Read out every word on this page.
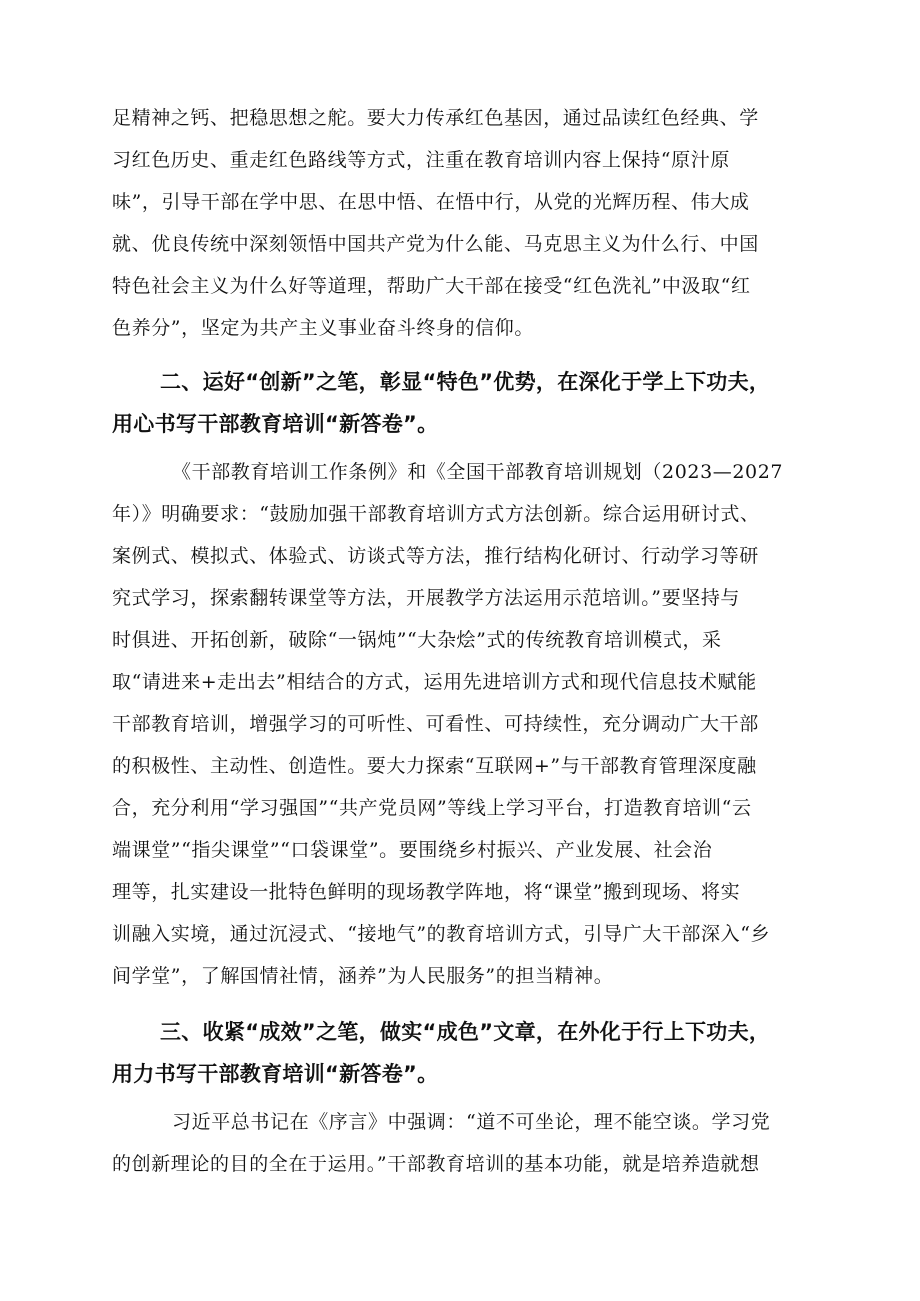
足精神之钙、把稳思想之舵。要大力传承红色基因，通过品读红色经典、学
习红色历史、重走红色路线等方式，注重在教育培训内容上保持“原汁原
味”，引导干部在学中思、在思中悟、在悟中行，从党的光辉历程、伟大成
就、优良传统中深刻领悟中国共产党为什么能、马克思主义为什么行、中国
特色社会主义为什么好等道理，帮助广大干部在接受“红色洗礼”中汲取“红
色养分”，坚定为共产主义事业奋斗终身的信仰。
二、运好“创新”之笔，彰显“特色”优势，在深化于学上下功夫，
用心书写干部教育培训“新答卷”。
《干部教育培训工作条例》和《全国干部教育培训规划（2023—2027
年）》明确要求：“鼓励加强干部教育培训方式方法创新。综合运用研讨式、
案例式、模拟式、体验式、访谈式等方法，推行结构化研讨、行动学习等研
究式学习，探索翻转课堂等方法，开展教学方法运用示范培训。”要坚持与
时俱进、开拓创新，破除“一锅炖”“大杂烩”式的传统教育培训模式，采
取“请进来+走出去”相结合的方式，运用先进培训方式和现代信息技术赋能
干部教育培训，增强学习的可听性、可看性、可持续性，充分调动广大干部
的积极性、主动性、创造性。要大力探索“互联网+”与干部教育管理深度融
合，充分利用“学习强国”“共产党员网”等线上学习平台，打造教育培训“云
端课堂”“指尖课堂”“口袋课堂”。要围绕乡村振兴、产业发展、社会治
理等，扎实建设一批特色鲜明的现场教学阵地，将“课堂”搬到现场、将实
训融入实境，通过沉浸式、“接地气”的教育培训方式，引导广大干部深入“乡
间学堂”，了解国情社情，涵养”为人民服务”的担当精神。
三、收紧“成效”之笔，做实“成色”文章，在外化于行上下功夫，
用力书写干部教育培训“新答卷”。
习近平总书记在《序言》中强调：“道不可坐论，理不能空谈。学习党
的创新理论的目的全在于运用。”干部教育培训的基本功能，就是培养造就想
